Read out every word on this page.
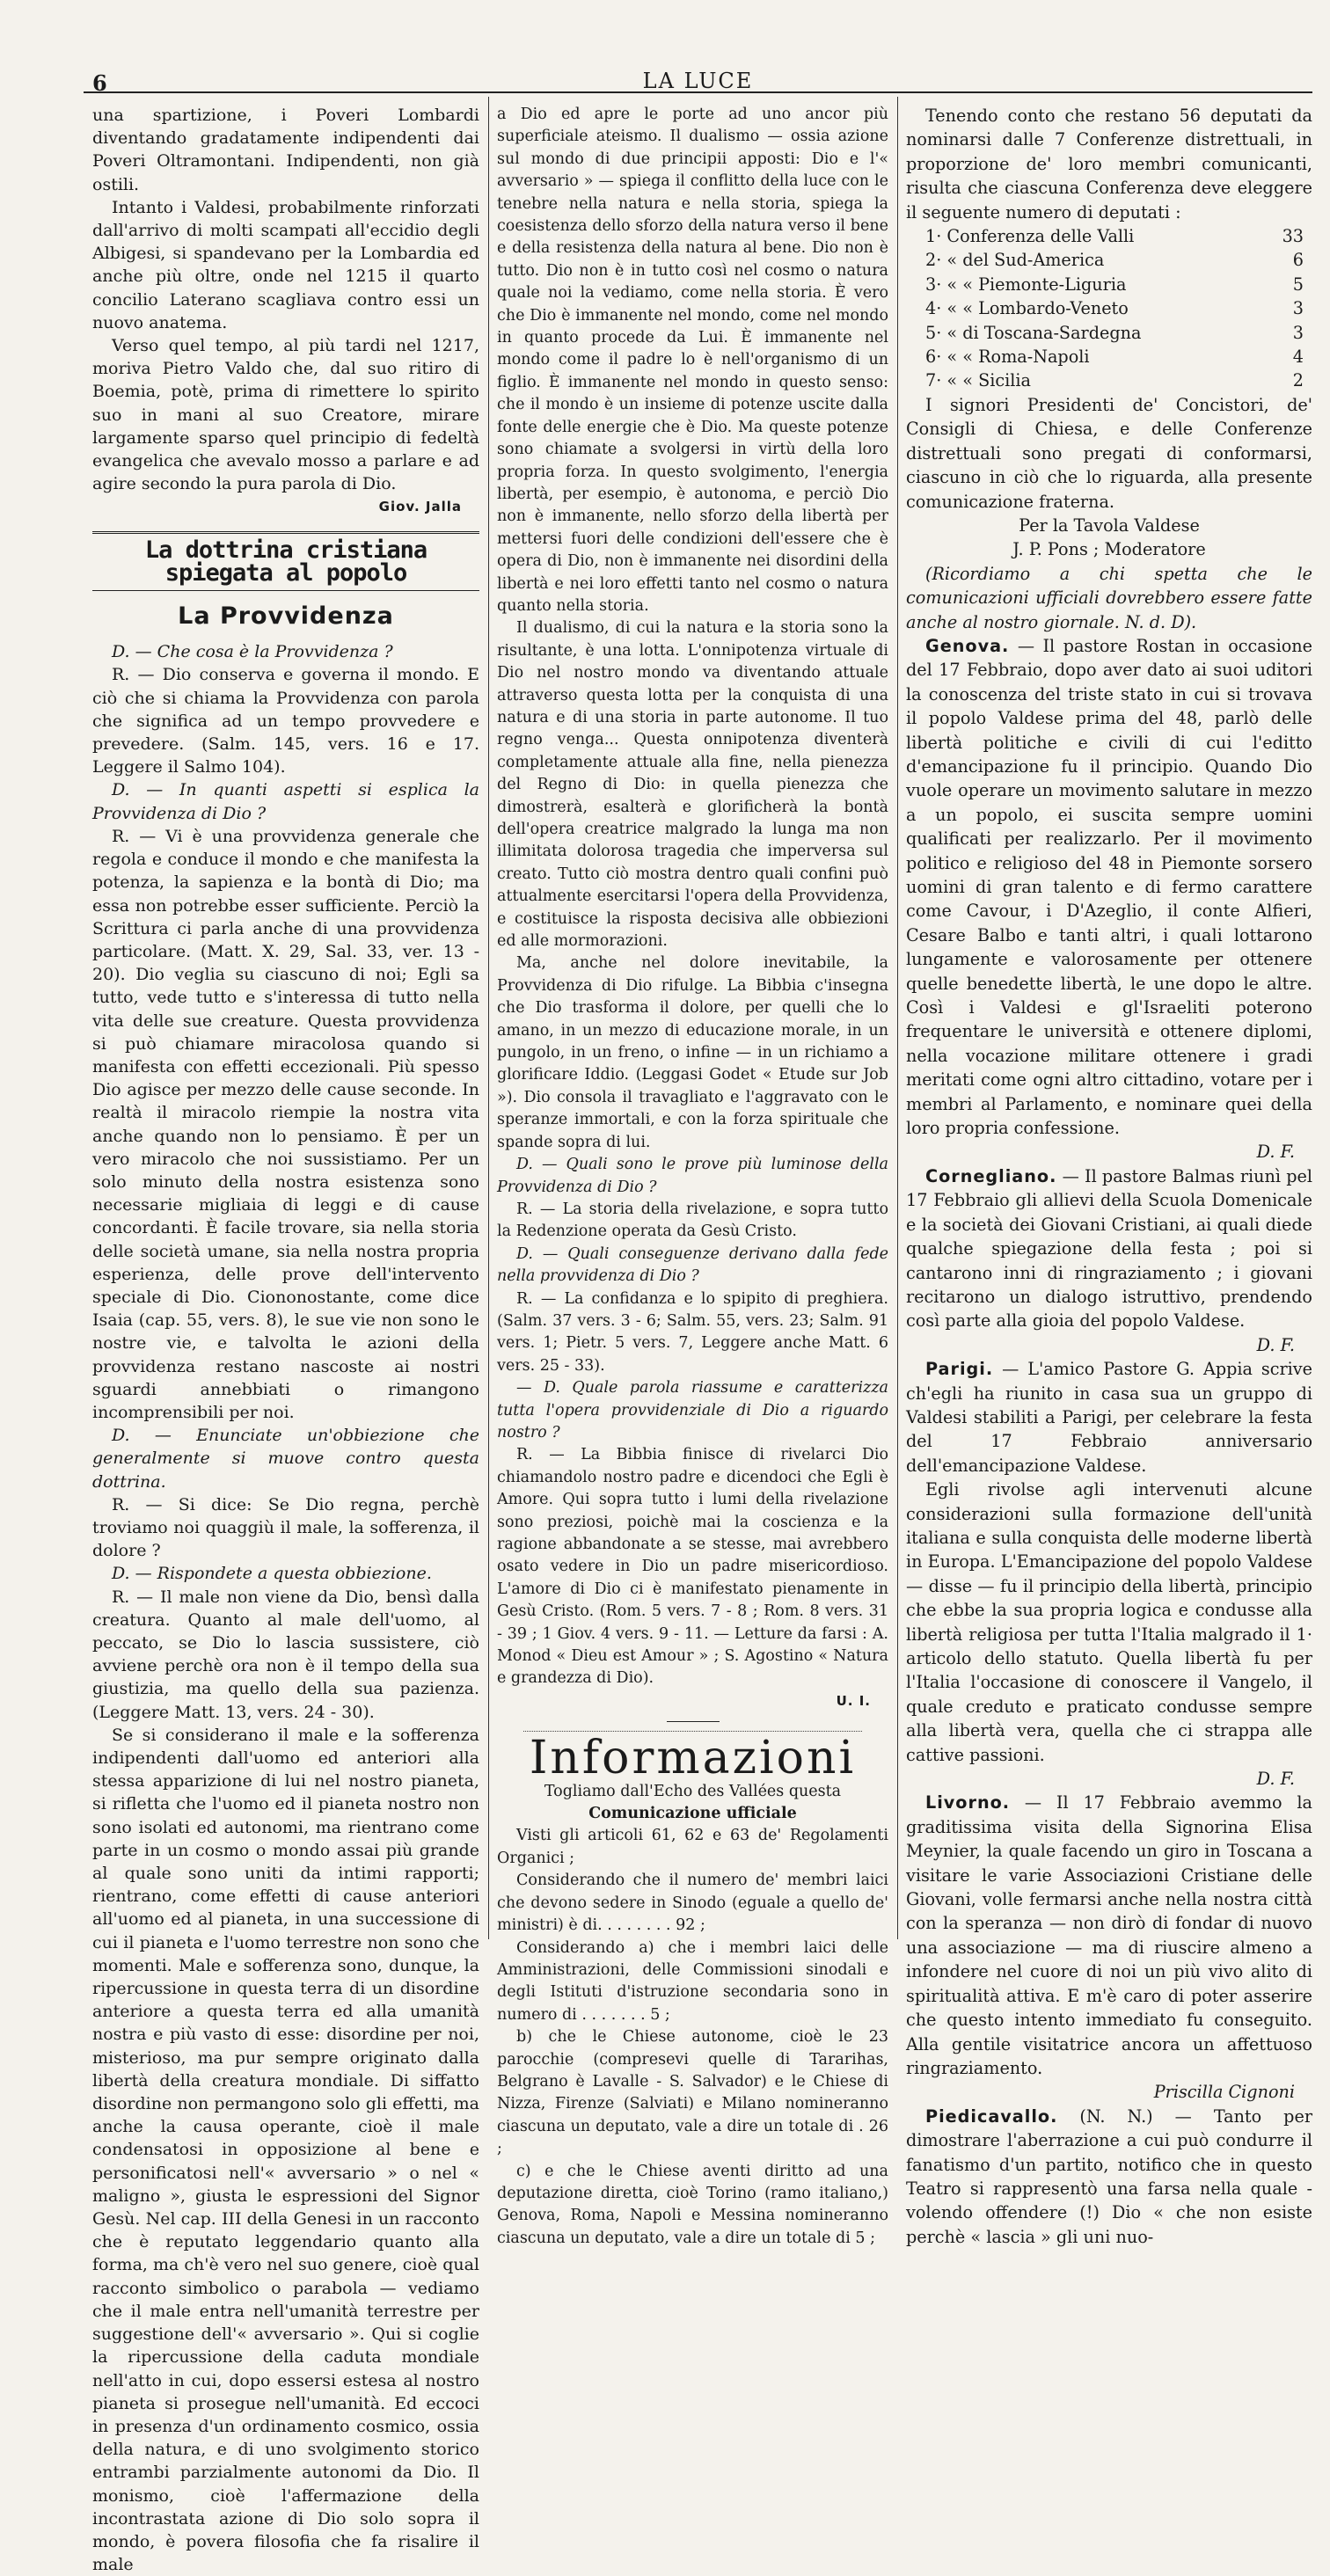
6	LA LUCE

una spartizione, i Poveri Lombardi diventando gradatamente indipendenti dai Poveri Oltramontani. Indipendenti, non già ostili.

Intanto i Valdesi, probabilmente rinforzati dall'arrivo di molti scampati all'eccidio degli Albigesi, si spandevano per la Lombardia ed anche più oltre, onde nel 1215 il quarto concilio Laterano scagliava contro essi un nuovo anatema.

Verso quel tempo, al più tardi nel 1217, moriva Pietro Valdo che, dal suo ritiro di Boemia, potè, prima di rimettere lo spirito suo in mani al suo Creatore, mirare largamente sparso quel principio di fedeltà evangelica che avevalo mosso a parlare e ad agire secondo la pura parola di Dio.

Giov. Jalla

La dottrina cristiana spiegata al popolo
La Provvidenza

D. — Che cosa è la Provvidenza ?

R. — Dio conserva e governa il mondo. E ciò che si chiama la Provvidenza con parola che significa ad un tempo provvedere e prevedere. (Salm. 145, vers. 16 e 17. Leggere il Salmo 104).

D. — In quanti aspetti si esplica la Provvidenza di Dio ?

R. — Vi è una provvidenza generale che regola e conduce il mondo e che manifesta la potenza, la sapienza e la bontà di Dio; ma essa non potrebbe esser sufficiente. Perciò la Scrittura ci parla anche di una provvidenza particolare. (Matt. X. 29, Sal. 33, ver. 13 - 20). Dio veglia su ciascuno di noi; Egli sa tutto, vede tutto e s'interessa di tutto nella vita delle sue creature. Questa provvidenza si può chiamare miracolosa quando si manifesta con effetti eccezionali. Più spesso Dio agisce per mezzo delle cause seconde. In realtà il miracolo riempie la nostra vita anche quando non lo pensiamo. È per un vero miracolo che noi sussistiamo. Per un solo minuto della nostra esistenza sono necessarie migliaia di leggi e di cause concordanti. È facile trovare, sia nella storia delle società umane, sia nella nostra propria esperienza, delle prove dell'intervento speciale di Dio. Ciononostante, come dice Isaia (cap. 55, vers. 8), le sue vie non sono le nostre vie, e talvolta le azioni della provvidenza restano nascoste ai nostri sguardi annebbiati o rimangono incomprensibili per noi.

D. — Enunciate un'obbiezione che generalmente si muove contro questa dottrina.

R. — Si dice: Se Dio regna, perchè troviamo noi quaggiù il male, la sofferenza, il dolore ?

D. — Rispondete a questa obbiezione.

R. — Il male non viene da Dio, bensì dalla creatura. Quanto al male dell'uomo, al peccato, se Dio lo lascia sussistere, ciò avviene perchè ora non è il tempo della sua giustizia, ma quello della sua pazienza. (Leggere Matt. 13, vers. 24 - 30).

Se si considerano il male e la sofferenza indipendenti dall'uomo ed anteriori alla stessa apparizione di lui nel nostro pianeta, si rifletta che l'uomo ed il pianeta nostro non sono isolati ed autonomi, ma rientrano come parte in un cosmo o mondo assai più grande al quale sono uniti da intimi rapporti; rientrano, come effetti di cause anteriori all'uomo ed al pianeta, in una successione di cui il pianeta e l'uomo terrestre non sono che momenti. Male e sofferenza sono, dunque, la ripercussione in questa terra di un disordine anteriore a questa terra ed alla umanità nostra e più vasto di esse: disordine per noi, misterioso, ma pur sempre originato dalla libertà della creatura mondiale. Di siffatto disordine non permangono solo gli effetti, ma anche la causa operante, cioè il male condensatosi in opposizione al bene e personificatosi nell'« avversario » o nel « maligno », giusta le espressioni del Signor Gesù. Nel cap. III della Genesi in un racconto che è reputato leggendario quanto alla forma, ma ch'è vero nel suo genere, cioè qual racconto simbolico o parabola — vediamo che il male entra nell'umanità terrestre per suggestione dell'« avversario ». Qui si coglie la ripercussione della caduta mondiale nell'atto in cui, dopo essersi estesa al nostro pianeta si prosegue nell'umanità. Ed eccoci in presenza d'un ordinamento cosmico, ossia della natura, e di uno svolgimento storico entrambi parzialmente autonomi da Dio. Il monismo, cioè l'affermazione della incontrastata azione di Dio solo sopra il mondo, è povera filosofia che fa risalire il male

a Dio ed apre le porte ad uno ancor più superficiale ateismo. Il dualismo — ossia azione sul mondo di due principii apposti: Dio e l'« avversario » — spiega il conflitto della luce con le tenebre nella natura e nella storia, spiega la coesistenza dello sforzo della natura verso il bene e della resistenza della natura al bene. Dio non è tutto. Dio non è in tutto così nel cosmo o natura quale noi la vediamo, come nella storia. È vero che Dio è immanente nel mondo, come nel mondo in quanto procede da Lui. È immanente nel mondo come il padre lo è nell'organismo di un figlio. È immanente nel mondo in questo senso: che il mondo è un insieme di potenze uscite dalla fonte delle energie che è Dio. Ma queste potenze sono chiamate a svolgersi in virtù della loro propria forza. In questo svolgimento, l'energia libertà, per esempio, è autonoma, e perciò Dio non è immanente, nello sforzo della libertà per mettersi fuori delle condizioni dell'essere che è opera di Dio, non è immanente nei disordini della libertà e nei loro effetti tanto nel cosmo o natura quanto nella storia.

Il dualismo, di cui la natura e la storia sono la risultante, è una lotta. L'onnipotenza virtuale di Dio nel nostro mondo va diventando attuale attraverso questa lotta per la conquista di una natura e di una storia in parte autonome. Il tuo regno venga... Questa onnipotenza diventerà completamente attuale alla fine, nella pienezza del Regno di Dio: in quella pienezza che dimostrerà, esalterà e glorificherà la bontà dell'opera creatrice malgrado la lunga ma non illimitata dolorosa tragedia che imperversa sul creato. Tutto ciò mostra dentro quali confini può attualmente esercitarsi l'opera della Provvidenza, e costituisce la risposta decisiva alle obbiezioni ed alle mormorazioni.

Ma, anche nel dolore inevitabile, la Provvidenza di Dio rifulge. La Bibbia c'insegna che Dio trasforma il dolore, per quelli che lo amano, in un mezzo di educazione morale, in un pungolo, in un freno, o infine — in un richiamo a glorificare Iddio. (Leggasi Godet « Etude sur Job »). Dio consola il travagliato e l'aggravato con le speranze immortali, e con la forza spirituale che spande sopra di lui.

D. — Quali sono le prove più luminose della Provvidenza di Dio ?

R. — La storia della rivelazione, e sopra tutto la Redenzione operata da Gesù Cristo.

D. — Quali conseguenze derivano dalla fede nella provvidenza di Dio ?

R. — La confidanza e lo spipito di preghiera. (Salm. 37 vers. 3 - 6; Salm. 55, vers. 23; Salm. 91 vers. 1; Pietr. 5 vers. 7, Leggere anche Matt. 6 vers. 25 - 33).

— D. Quale parola riassume e caratterizza tutta l'opera provvidenziale di Dio a riguardo nostro ?

R. — La Bibbia finisce di rivelarci Dio chiamandolo nostro padre e dicendoci che Egli è Amore. Qui sopra tutto i lumi della rivelazione sono preziosi, poichè mai la coscienza e la ragione abbandonate a se stesse, mai avrebbero osato vedere in Dio un padre misericordioso. L'amore di Dio ci è manifestato pienamente in Gesù Cristo. (Rom. 5 vers. 7 - 8 ; Rom. 8 vers. 31 - 39 ; 1 Giov. 4 vers. 9 - 11. — Letture da farsi : A. Monod « Dieu est Amour » ; S. Agostino « Natura e grandezza di Dio).

U. I.

Informazioni

Togliamo dall'Echo des Vallées questa

Comunicazione ufficiale

Visti gli articoli 61, 62 e 63 de' Regolamenti Organici ;

Considerando che il numero de' membri laici che devono sedere in Sinodo (eguale a quello de' ministri) è di. . . . . . . . 92 ;

Considerando a) che i membri laici delle Amministrazioni, delle Commissioni sinodali e degli Istituti d'istruzione secondaria sono in numero di . . . . . . . 5 ;

b) che le Chiese autonome, cioè le 23 parocchie (compresevi quelle di Tararihas, Belgrano è Lavalle - S. Salvador) e le Chiese di Nizza, Firenze (Salviati) e Milano nomineranno ciascuna un deputato, vale a dire un totale di . 26 ;

c) e che le Chiese aventi diritto ad una deputazione diretta, cioè Torino (ramo italiano,) Genova, Roma, Napoli e Messina nomineranno ciascuna un deputato, vale a dire un totale di 5 ;

Tenendo conto che restano 56 deputati da nominarsi dalle 7 Conferenze distrettuali, in proporzione de' loro membri comunicanti, risulta che ciascuna Conferenza deve eleggere il seguente numero di deputati :

1· Conferenza delle Valli	33
2· « del Sud-America	6
3· « « Piemonte-Liguria	5
4· « « Lombardo-Veneto	3
5· « di Toscana-Sardegna	3
6· « « Roma-Napoli	4
7· « « Sicilia	2

I signori Presidenti de' Concistori, de' Consigli di Chiesa, e delle Conferenze distrettuali sono pregati di conformarsi, ciascuno in ciò che lo riguarda, alla presente comunicazione fraterna.

Per la Tavola Valdese

J. P. Pons ; Moderatore

(Ricordiamo a chi spetta che le comunicazioni ufficiali dovrebbero essere fatte anche al nostro giornale. N. d. D).

Genova. — Il pastore Rostan in occasione del 17 Febbraio, dopo aver dato ai suoi uditori la conoscenza del triste stato in cui si trovava il popolo Valdese prima del 48, parlò delle libertà politiche e civili di cui l'editto d'emancipazione fu il principio. Quando Dio vuole operare un movimento salutare in mezzo a un popolo, ei suscita sempre uomini qualificati per realizzarlo. Per il movimento politico e religioso del 48 in Piemonte sorsero uomini di gran talento e di fermo carattere come Cavour, i D'Azeglio, il conte Alfieri, Cesare Balbo e tanti altri, i quali lottarono lungamente e valorosamente per ottenere quelle benedette libertà, le une dopo le altre. Così i Valdesi e gl'Israeliti poterono frequentare le università e ottenere diplomi, nella vocazione militare ottenere i gradi meritati come ogni altro cittadino, votare per i membri al Parlamento, e nominare quei della loro propria confessione.

D. F.

Cornegliano. — Il pastore Balmas riunì pel 17 Febbraio gli allievi della Scuola Domenicale e la società dei Giovani Cristiani, ai quali diede qualche spiegazione della festa ; poi si cantarono inni di ringraziamento ; i giovani recitarono un dialogo istruttivo, prendendo così parte alla gioia del popolo Valdese.

D. F.

Parigi. — L'amico Pastore G. Appia scrive ch'egli ha riunito in casa sua un gruppo di Valdesi stabiliti a Parigi, per celebrare la festa del 17 Febbraio anniversario dell'emancipazione Valdese.

Egli rivolse agli intervenuti alcune considerazioni sulla formazione dell'unità italiana e sulla conquista delle moderne libertà in Europa. L'Emancipazione del popolo Valdese — disse — fu il principio della libertà, principio che ebbe la sua propria logica e condusse alla libertà religiosa per tutta l'Italia malgrado il 1· articolo dello statuto. Quella libertà fu per l'Italia l'occasione di conoscere il Vangelo, il quale creduto e praticato condusse sempre alla libertà vera, quella che ci strappa alle cattive passioni.

D. F.

Livorno. — Il 17 Febbraio avemmo la graditissima visita della Signorina Elisa Meynier, la quale facendo un giro in Toscana a visitare le varie Associazioni Cristiane delle Giovani, volle fermarsi anche nella nostra città con la speranza — non dirò di fondar di nuovo una associazione — ma di riuscire almeno a infondere nel cuore di noi un più vivo alito di spiritualità attiva. E m'è caro di poter asserire che questo intento immediato fu conseguito. Alla gentile visitatrice ancora un affettuoso ringraziamento.

Priscilla Cignoni

Piedicavallo. (N. N.) — Tanto per dimostrare l'aberrazione a cui può condurre il fanatismo d'un partito, notifico che in questo Teatro si rappresentò una farsa nella quale - volendo offendere (!) Dio « che non esiste perchè « lascia » gli uni nuo-
